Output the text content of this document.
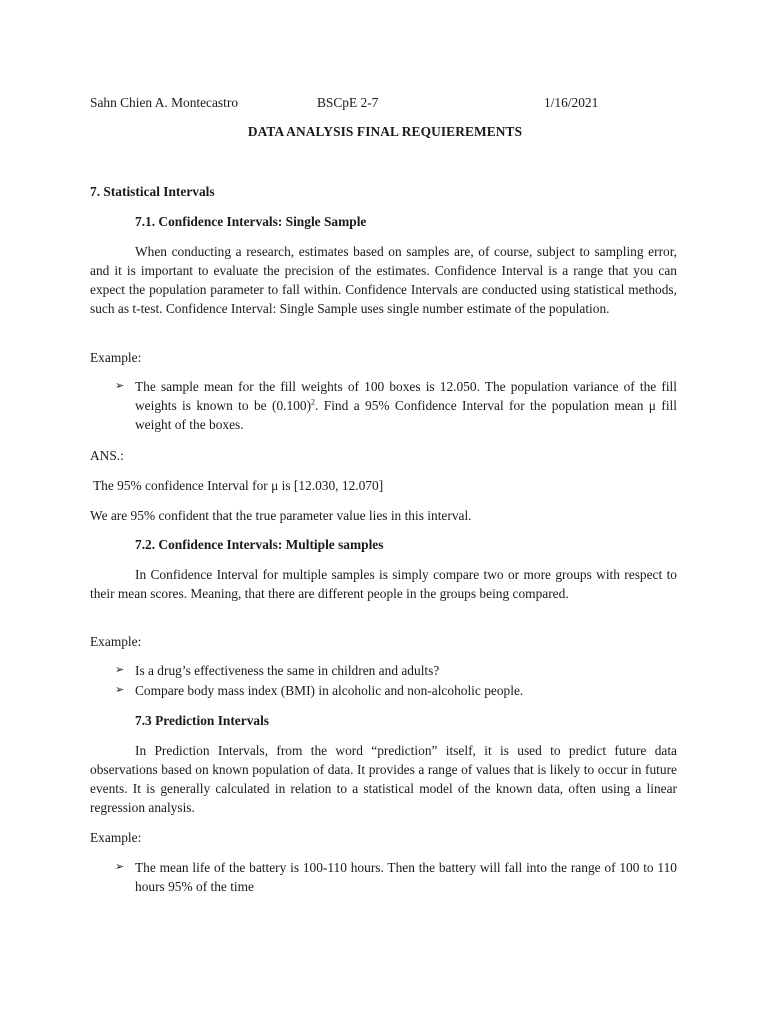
Sahn Chien A. Montecastro	BSCpE 2-7	1/16/2021
DATA ANALYSIS FINAL REQUIEREMENTS
7. Statistical Intervals
7.1. Confidence Intervals: Single Sample

When conducting a research, estimates based on samples are, of course, subject to sampling error, and it is important to evaluate the precision of the estimates. Confidence Interval is a range that you can expect the population parameter to fall within. Confidence Intervals are conducted using statistical methods, such as t-test. Confidence Interval: Single Sample uses single number estimate of the population.

Example:
➢ The sample mean for the fill weights of 100 boxes is 12.050. The population variance of the fill weights is known to be $(0.100)^2$. Find a 95% Confidence Interval for the population mean μ fill weight of the boxes.
ANS.:
The 95% confidence Interval for μ is [12.030, 12.070]
We are 95% confident that the true parameter value lies in this interval.
7.2. Confidence Intervals: Multiple samples

In Confidence Interval for multiple samples is simply compare two or more groups with respect to their mean scores. Meaning, that there are different people in the groups being compared.

Example:
➢ Is a drug’s effectiveness the same in children and adults?
➢ Compare body mass index (BMI) in alcoholic and non-alcoholic people.
7.3 Prediction Intervals

In Prediction Intervals, from the word “prediction” itself, it is used to predict future data observations based on known population of data. It provides a range of values that is likely to occur in future events. It is generally calculated in relation to a statistical model of the known data, often using a linear regression analysis.

Example:
➢ The mean life of the battery is 100-110 hours. Then the battery will fall into the range of 100 to 110 hours 95% of the time
